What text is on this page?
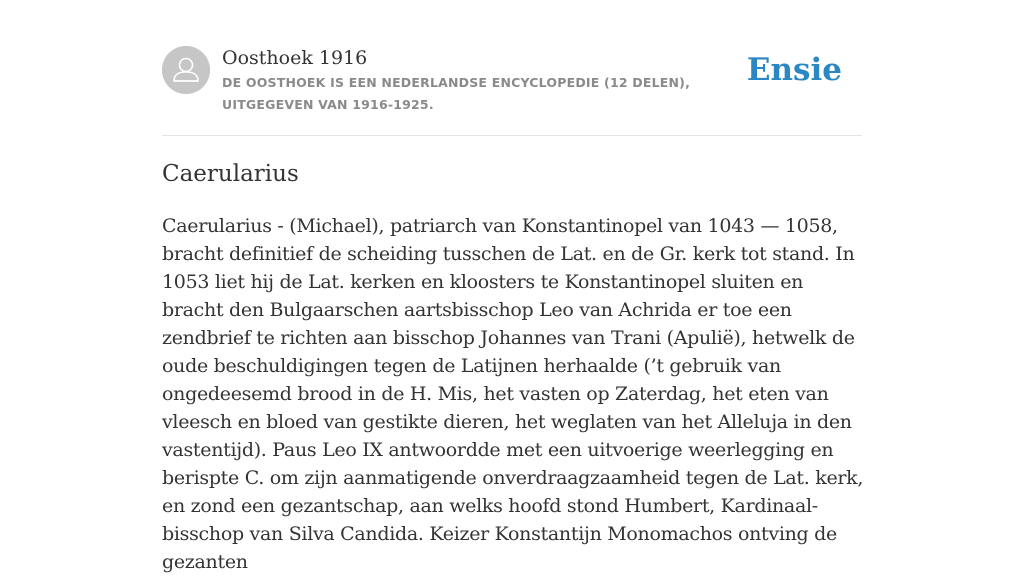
Oosthoek 1916
DE OOSTHOEK IS EEN NEDERLANDSE ENCYCLOPEDIE (12 DELEN), UITGEGEVEN VAN 1916-1925.
Ensie
Caerularius

Caerularius - (Michael), patriarch van Konstantinopel van 1043 — 1058, bracht definitief de scheiding tusschen de Lat. en de Gr. kerk tot stand. In 1053 liet hij de Lat. kerken en kloosters te Konstantinopel sluiten en bracht den Bulgaarschen aartsbisschop Leo van Achrida er toe een zendbrief te richten aan bisschop Johannes van Trani (Apulië), hetwelk de oude beschuldigingen tegen de Latijnen herhaalde (’t gebruik van ongedeesemd brood in de H. Mis, het vasten op Zaterdag, het eten van vleesch en bloed van gestikte dieren, het weglaten van het Alleluja in den vastentijd). Paus Leo IX antwoordde met een uitvoerige weerlegging en berispte C. om zijn aanmatigende onverdraagzaamheid tegen de Lat. kerk, en zond een gezantschap, aan welks hoofd stond Humbert, Kardinaal-bisschop van Silva Candida. Keizer Konstantijn Monomachos ontving de gezanten
